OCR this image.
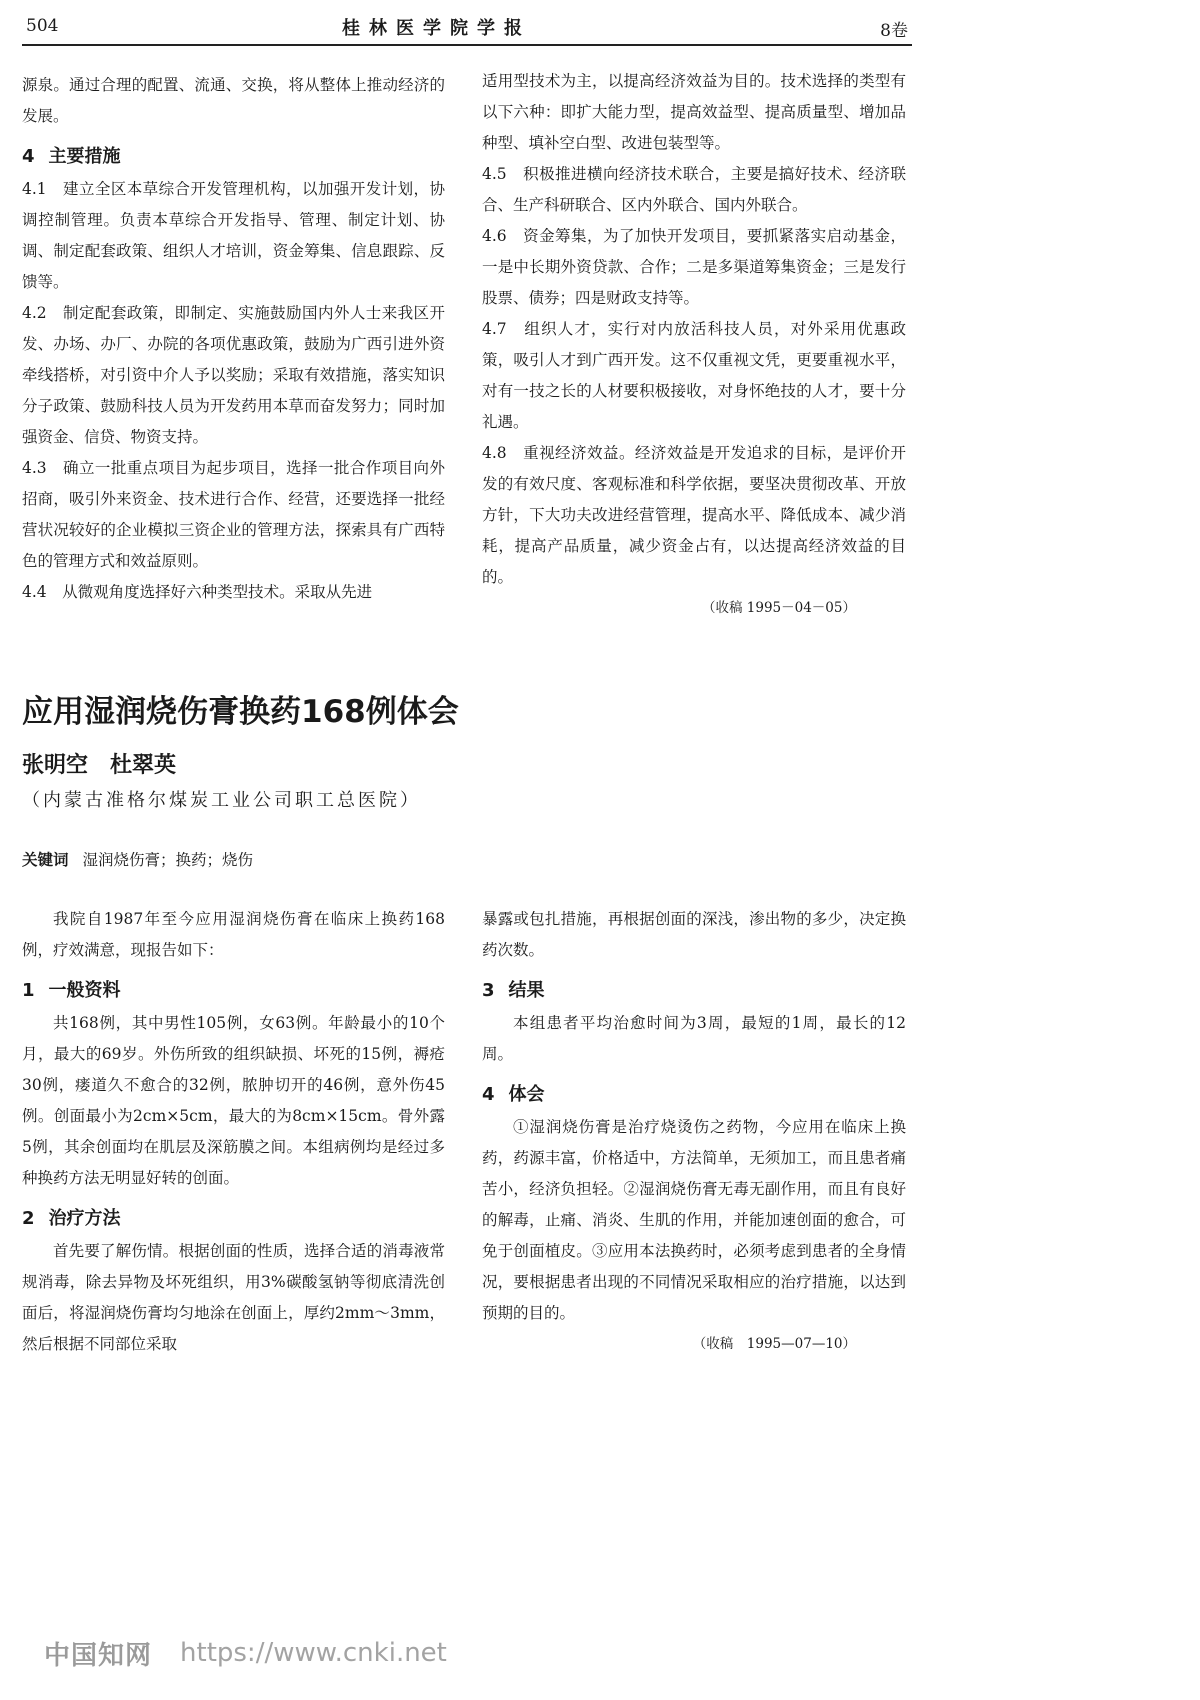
504	桂林医学院学报	8卷

源泉。通过合理的配置、流通、交换，将从整体上推动经济的发展。

4 主要措施

4.1　建立全区本草综合开发管理机构，以加强开发计划，协调控制管理。负责本草综合开发指导、管理、制定计划、协调、制定配套政策、组织人才培训，资金筹集、信息跟踪、反馈等。

4.2　制定配套政策，即制定、实施鼓励国内外人士来我区开发、办场、办厂、办院的各项优惠政策，鼓励为广西引进外资牵线搭桥，对引资中介人予以奖励；采取有效措施，落实知识分子政策、鼓励科技人员为开发药用本草而奋发努力；同时加强资金、信贷、物资支持。

4.3　确立一批重点项目为起步项目，选择一批合作项目向外招商，吸引外来资金、技术进行合作、经营，还要选择一批经营状况较好的企业模拟三资企业的管理方法，探索具有广西特色的管理方式和效益原则。

4.4　从微观角度选择好六种类型技术。采取从先进

适用型技术为主，以提高经济效益为目的。技术选择的类型有以下六种：即扩大能力型，提高效益型、提高质量型、增加品种型、填补空白型、改进包装型等。

4.5　积极推进横向经济技术联合，主要是搞好技术、经济联合、生产科研联合、区内外联合、国内外联合。

4.6　资金筹集，为了加快开发项目，要抓紧落实启动基金，一是中长期外资贷款、合作；二是多渠道筹集资金；三是发行股票、债券；四是财政支持等。

4.7　组织人才，实行对内放活科技人员，对外采用优惠政策，吸引人才到广西开发。这不仅重视文凭，更要重视水平，对有一技之长的人材要积极接收，对身怀绝技的人才，要十分礼遇。

4.8　重视经济效益。经济效益是开发追求的目标，是评价开发的有效尺度、客观标准和科学依据，要坚决贯彻改革、开放方针，下大功夫改进经营管理，提高水平、降低成本、减少消耗，提高产品质量，减少资金占有，以达提高经济效益的目的。

（收稿 1995－04－05）

应用湿润烧伤膏换药168例体会
张明空　杜翠英
（内蒙古准格尔煤炭工业公司职工总医院）
关键词 湿润烧伤膏；换药；烧伤

我院自1987年至今应用湿润烧伤膏在临床上换药168例，疗效满意，现报告如下：

1 一般资料

共168例，其中男性105例，女63例。年龄最小的10个月，最大的69岁。外伤所致的组织缺损、坏死的15例，褥疮30例，瘘道久不愈合的32例，脓肿切开的46例，意外伤45例。创面最小为2cm×5cm，最大的为8cm×15cm。骨外露5例，其余创面均在肌层及深筋膜之间。本组病例均是经过多种换药方法无明显好转的创面。

2 治疗方法

首先要了解伤情。根据创面的性质，选择合适的消毒液常规消毒，除去异物及坏死组织，用3%碳酸氢钠等彻底清洗创面后，将湿润烧伤膏均匀地涂在创面上，厚约2mm～3mm，然后根据不同部位采取

暴露或包扎措施，再根据创面的深浅，渗出物的多少，决定换药次数。

3 结果

本组患者平均治愈时间为3周，最短的1周，最长的12周。

4 体会

①湿润烧伤膏是治疗烧烫伤之药物，今应用在临床上换药，药源丰富，价格适中，方法简单，无须加工，而且患者痛苦小，经济负担轻。②湿润烧伤膏无毒无副作用，而且有良好的解毒，止痛、消炎、生肌的作用，并能加速创面的愈合，可免于创面植皮。③应用本法换药时，必须考虑到患者的全身情况，要根据患者出现的不同情况采取相应的治疗措施，以达到预期的目的。

（收稿　1995—07—10）

中国知网 https://www.cnki.net
